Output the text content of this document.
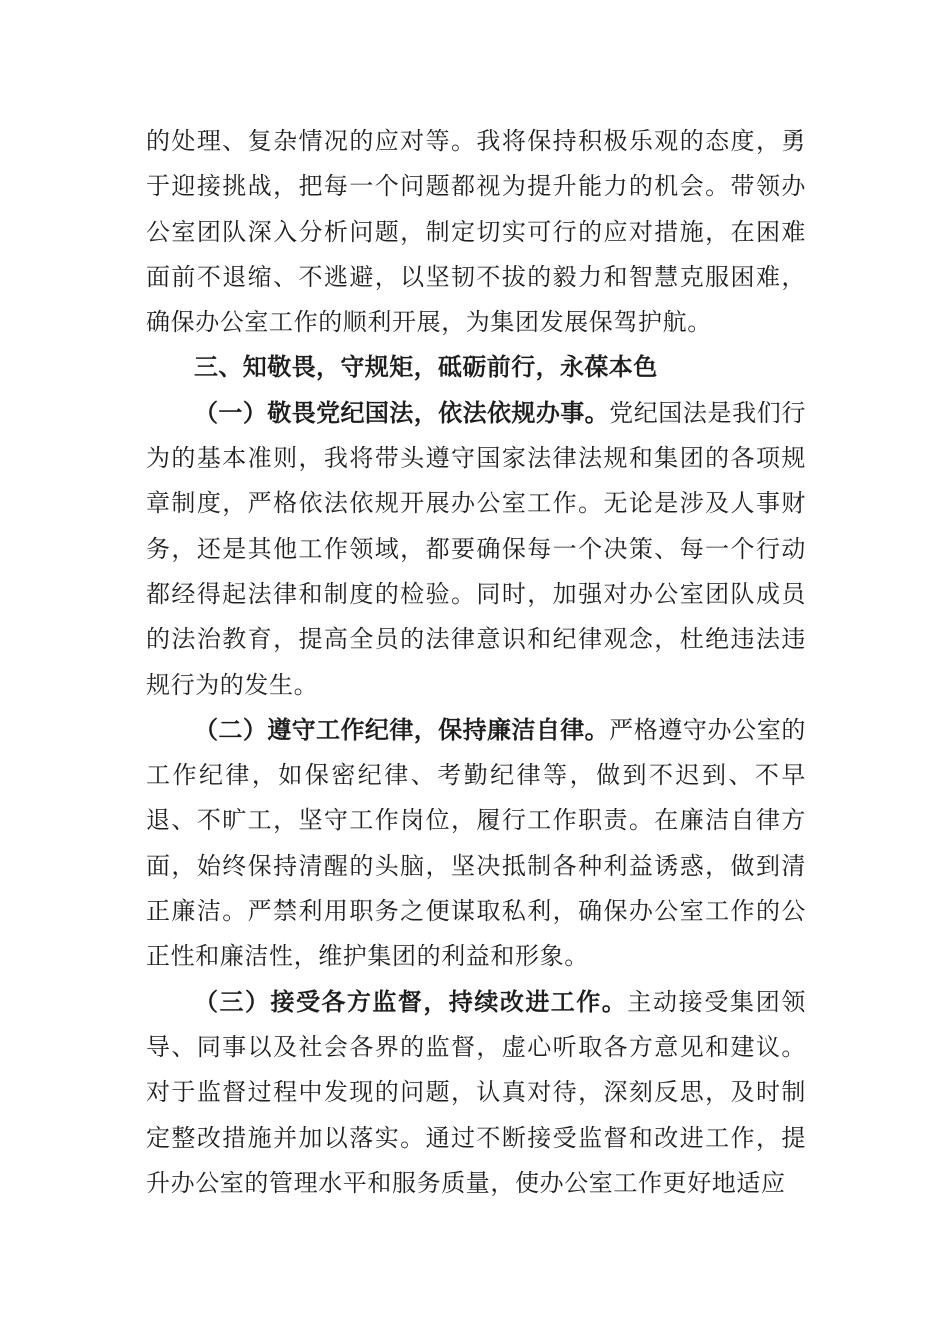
的处理、复杂情况的应对等。我将保持积极乐观的态度，勇于迎接挑战，把每一个问题都视为提升能力的机会。带领办公室团队深入分析问题，制定切实可行的应对措施，在困难面前不退缩、不逃避，以坚韧不拔的毅力和智慧克服困难，确保办公室工作的顺利开展，为集团发展保驾护航。

三、知敬畏，守规矩，砥砺前行，永葆本色

（一）敬畏党纪国法，依法依规办事。党纪国法是我们行为的基本准则，我将带头遵守国家法律法规和集团的各项规章制度，严格依法依规开展办公室工作。无论是涉及人事财务，还是其他工作领域，都要确保每一个决策、每一个行动都经得起法律和制度的检验。同时，加强对办公室团队成员的法治教育，提高全员的法律意识和纪律观念，杜绝违法违规行为的发生。

（二）遵守工作纪律，保持廉洁自律。严格遵守办公室的工作纪律，如保密纪律、考勤纪律等，做到不迟到、不早退、不旷工，坚守工作岗位，履行工作职责。在廉洁自律方面，始终保持清醒的头脑，坚决抵制各种利益诱惑，做到清正廉洁。严禁利用职务之便谋取私利，确保办公室工作的公正性和廉洁性，维护集团的利益和形象。

（三）接受各方监督，持续改进工作。主动接受集团领导、同事以及社会各界的监督，虚心听取各方意见和建议。对于监督过程中发现的问题，认真对待，深刻反思，及时制定整改措施并加以落实。通过不断接受监督和改进工作，提升办公室的管理水平和服务质量，使办公室工作更好地适应
